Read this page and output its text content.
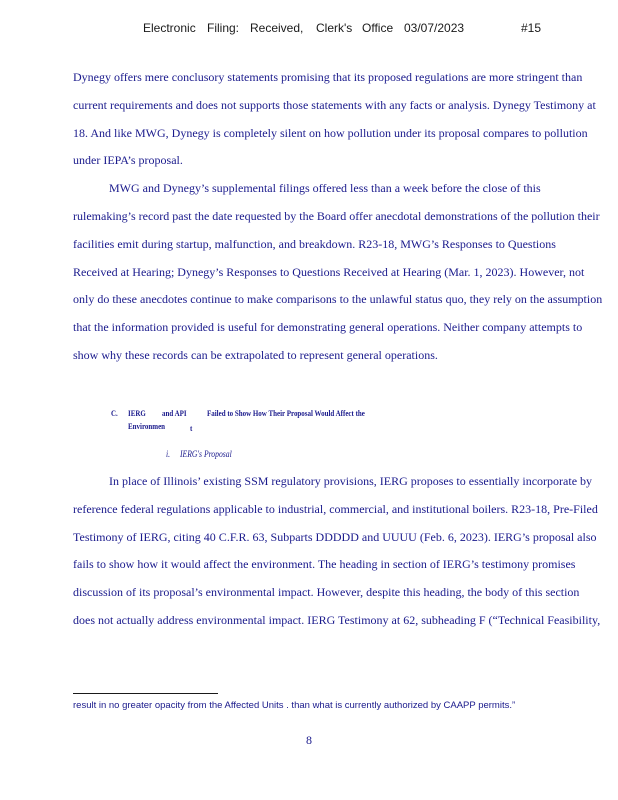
Electronic Filing: Received, Clerk's Office 03/07/2023	#15

Dynegy offers mere conclusory statements promising that its proposed regulations are more stringent than current requirements and does not supports those statements with any facts or analysis. Dynegy Testimony at 18. And like MWG, Dynegy is completely silent on how pollution under its proposal compares to pollution under IEPA’s proposal.

MWG and Dynegy’s supplemental filings offered less than a week before the close of this rulemaking’s record past the date requested by the Board offer anecdotal demonstrations of the pollution their facilities emit during startup, malfunction, and breakdown. R23-18, MWG’s Responses to Questions Received at Hearing; Dynegy’s Responses to Questions Received at Hearing (Mar. 1, 2023). However, not only do these anecdotes continue to make comparisons to the unlawful status quo, they rely on the assumption that the information provided is useful for demonstrating general operations. Neither company attempts to show why these records can be extrapolated to represent general operations.

C. IERG and API Failed to Show How Their Proposal Would Affect the
Environmen	t
i. IERG's Proposal

In place of Illinois’ existing SSM regulatory provisions, IERG proposes to essentially incorporate by reference federal regulations applicable to industrial, commercial, and institutional boilers. R23-18, Pre-Filed Testimony of IERG, citing 40 C.F.R. 63, Subparts DDDDD and UUUU (Feb. 6, 2023). IERG’s proposal also fails to show how it would affect the environment. The heading in section of IERG’s testimony promises discussion of its proposal’s environmental impact. However, despite this heading, the body of this section does not actually address environmental impact. IERG Testimony at 62, subheading F (“Technical Feasibility,

result in no greater opacity from the Affected Units . than what is currently authorized by CAAPP permits.”
8
